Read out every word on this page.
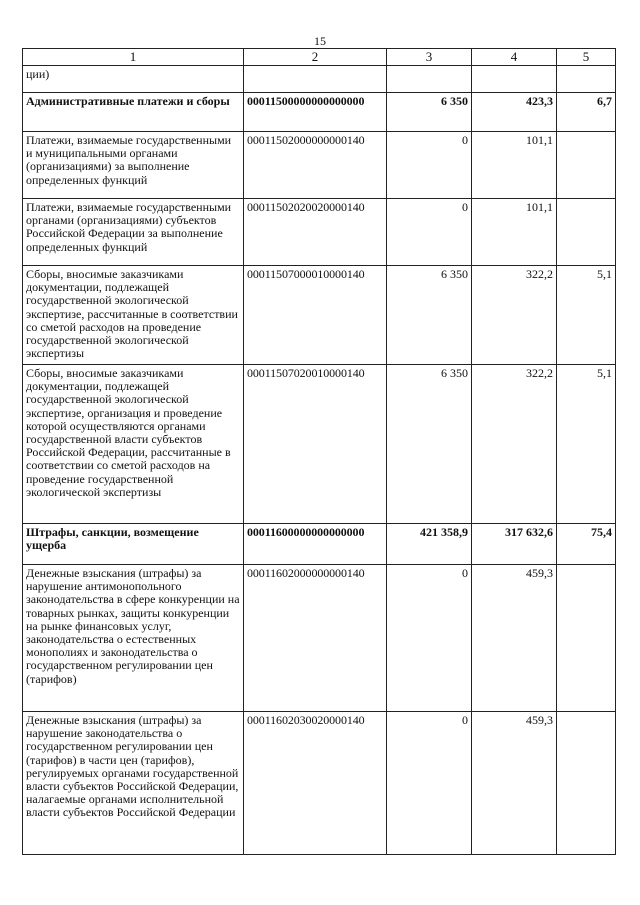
15
1	2	3	4	5
ции)				
Административные платежи и сборы	00011500000000000000	6 350	423,3	6,7
Платежи, взимаемые государственными и муниципальными органами (организациями) за выполнение определенных функций	00011502000000000140	0	101,1	
Платежи, взимаемые государственными органами (организациями) субъектов Российской Федерации за выполнение определенных функций	00011502020020000140	0	101,1	
Сборы, вносимые заказчиками документации, подлежащей государственной экологической экспертизе, рассчитанные в соответствии со сметой расходов на проведение государственной экологической экспертизы	00011507000010000140	6 350	322,2	5,1
Сборы, вносимые заказчиками документации, подлежащей государственной экологической экспертизе, организация и проведение которой осуществляются органами государственной власти субъектов Российской Федерации, рассчитанные в соответствии со сметой расходов на проведение государственной экологической экспертизы	00011507020010000140	6 350	322,2	5,1
Штрафы, санкции, возмещение ущерба	00011600000000000000	421 358,9	317 632,6	75,4
Денежные взыскания (штрафы) за нарушение антимонопольного законодательства в сфере конкуренции на товарных рынках, защиты конкуренции на рынке финансовых услуг, законодательства о естественных монополиях и законодательства о государственном регулировании цен (тарифов)	00011602000000000140	0	459,3	
Денежные взыскания (штрафы) за нарушение законодательства о государственном регулировании цен (тарифов) в части цен (тарифов), регулируемых органами государственной власти субъектов Российской Федерации, налагаемые органами исполнительной власти субъектов Российской Федерации	00011602030020000140	0	459,3	
